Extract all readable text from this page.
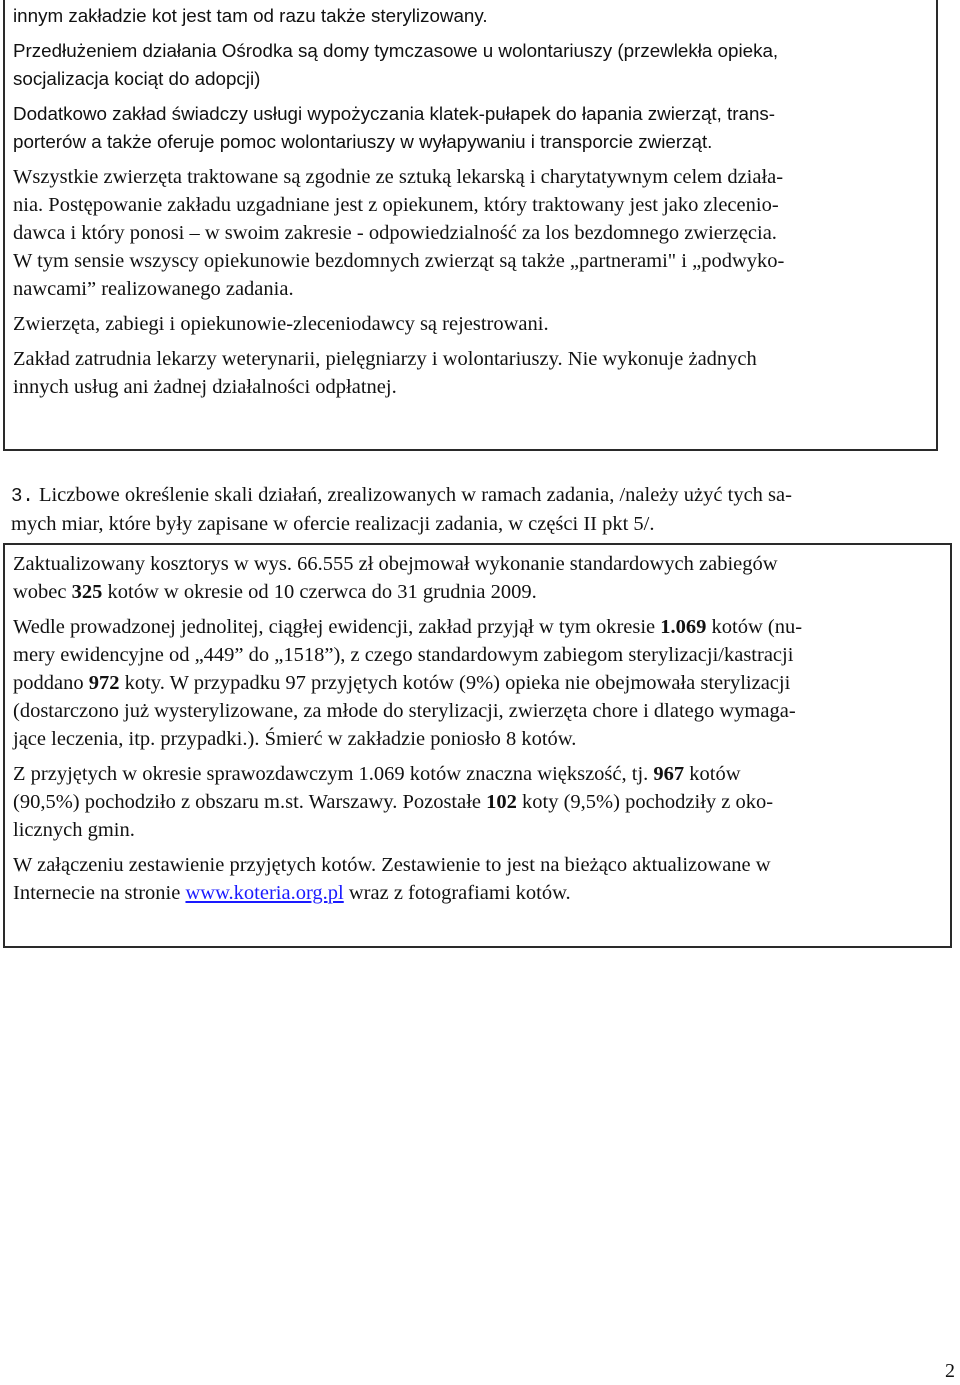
innym zakładzie kot jest tam od razu także sterylizowany.
Przedłużeniem działania Ośrodka są domy tymczasowe u wolontariuszy (przewlekła opieka,
socjalizacja kociąt do adopcji)
Dodatkowo zakład świadczy usługi wypożyczania klatek-pułapek do łapania zwierząt, trans-
porterów a także oferuje pomoc wolontariuszy w wyłapywaniu i transporcie zwierząt.
Wszystkie zwierzęta traktowane są zgodnie ze sztuką lekarską i charytatywnym celem działa-
nia. Postępowanie zakładu uzgadniane jest z opiekunem, który traktowany jest jako zlecenio-
dawca i który ponosi – w swoim zakresie - odpowiedzialność za los bezdomnego zwierzęcia.
W tym sensie wszyscy opiekunowie bezdomnych zwierząt są także „partnerami" i „podwyko-
nawcami” realizowanego zadania.
Zwierzęta, zabiegi i opiekunowie-zleceniodawcy są rejestrowani.
Zakład zatrudnia lekarzy weterynarii, pielęgniarzy i wolontariuszy. Nie wykonuje żadnych
innych usług ani żadnej działalności odpłatnej.
3. Liczbowe określenie skali działań, zrealizowanych w ramach zadania, /należy użyć tych sa-
mych miar, które były zapisane w ofercie realizacji zadania, w części II pkt 5/.
Zaktualizowany kosztorys w wys. 66.555 zł obejmował wykonanie standardowych zabiegów
wobec 325 kotów w okresie od 10 czerwca do 31 grudnia 2009.
Wedle prowadzonej jednolitej, ciągłej ewidencji, zakład przyjął w tym okresie 1.069 kotów (nu-
mery ewidencyjne od „449” do „1518”), z czego standardowym zabiegom sterylizacji/kastracji
poddano 972 koty. W przypadku 97 przyjętych kotów (9%) opieka nie obejmowała sterylizacji
(dostarczono już wysterylizowane, za młode do sterylizacji, zwierzęta chore i dlatego wymaga-
jące leczenia, itp. przypadki.). Śmierć w zakładzie poniosło 8 kotów.
Z przyjętych w okresie sprawozdawczym 1.069 kotów znaczna większość, tj. 967 kotów
(90,5%) pochodziło z obszaru m.st. Warszawy. Pozostałe 102 koty (9,5%) pochodziły z oko-
licznych gmin.
W załączeniu zestawienie przyjętych kotów. Zestawienie to jest na bieżąco aktualizowane w
Internecie na stronie www.koteria.org.pl wraz z fotografiami kotów.
2
